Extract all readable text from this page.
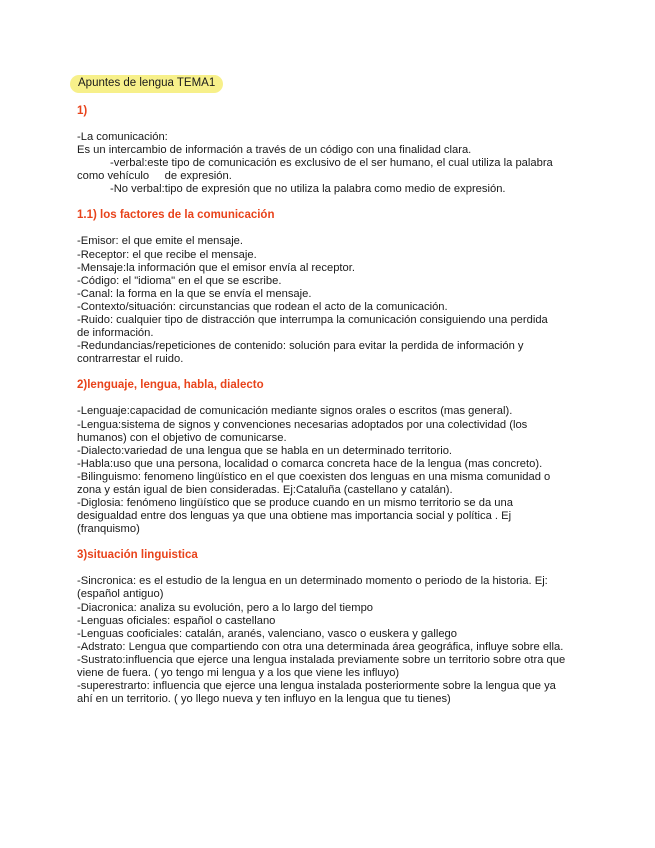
Apuntes de lengua TEMA1

1)

-La comunicación:
Es un intercambio de información a través de un código con una finalidad clara.
-verbal:este tipo de comunicación es exclusivo de el ser humano, el cual utiliza la palabra
como vehículo     de expresión.
-No verbal:tipo de expresión que no utiliza la palabra como medio de expresión.

1.1) los factores de la comunicación

-Emisor: el que emite el mensaje.
-Receptor: el que recibe el mensaje.
-Mensaje:la información que el emisor envía al receptor.
-Código: el "idioma" en el que se escribe.
-Canal: la forma en la que se envía el mensaje.
-Contexto/situación: circunstancias que rodean el acto de la comunicación.
-Ruido: cualquier tipo de distracción que interrumpa la comunicación consiguiendo una perdida
de información.
-Redundancias/repeticiones de contenido: solución para evitar la perdida de información y
contrarrestar el ruido.

2)lenguaje, lengua, habla, dialecto

-Lenguaje:capacidad de comunicación mediante signos orales o escritos (mas general).
-Lengua:sistema de signos y convenciones necesarias adoptados por una colectividad (los
humanos) con el objetivo de comunicarse.
-Dialecto:variedad de una lengua que se habla en un determinado territorio.
-Habla:uso que una persona, localidad o comarca concreta hace de la lengua (mas concreto).
-Bilinguismo: fenomeno lingüístico en el que coexisten dos lenguas en una misma comunidad o
zona y están igual de bien consideradas. Ej:Cataluña (castellano y catalán).
-Diglosia: fenómeno lingüístico que se produce cuando en un mismo territorio se da una
desigualdad entre dos lenguas ya que una obtiene mas importancia social y política . Ej
(franquismo)

3)situación linguistica

-Sincronica: es el estudio de la lengua en un determinado momento o periodo de la historia. Ej:
(español antiguo)
-Diacronica: analiza su evolución, pero a lo largo del tiempo
-Lenguas oficiales: español o castellano
-Lenguas cooficiales: catalán, aranés, valenciano, vasco o euskera y gallego
-Adstrato: Lengua que compartiendo con otra una determinada área geográfica, influye sobre ella.
-Sustrato:influencia que ejerce una lengua instalada previamente sobre un territorio sobre otra que
viene de fuera. ( yo tengo mi lengua y a los que viene les influyo)
-superestrarto: influencia que ejerce una lengua instalada posteriormente sobre la lengua que ya
ahí en un territorio. ( yo llego nueva y ten influyo en la lengua que tu tienes)
